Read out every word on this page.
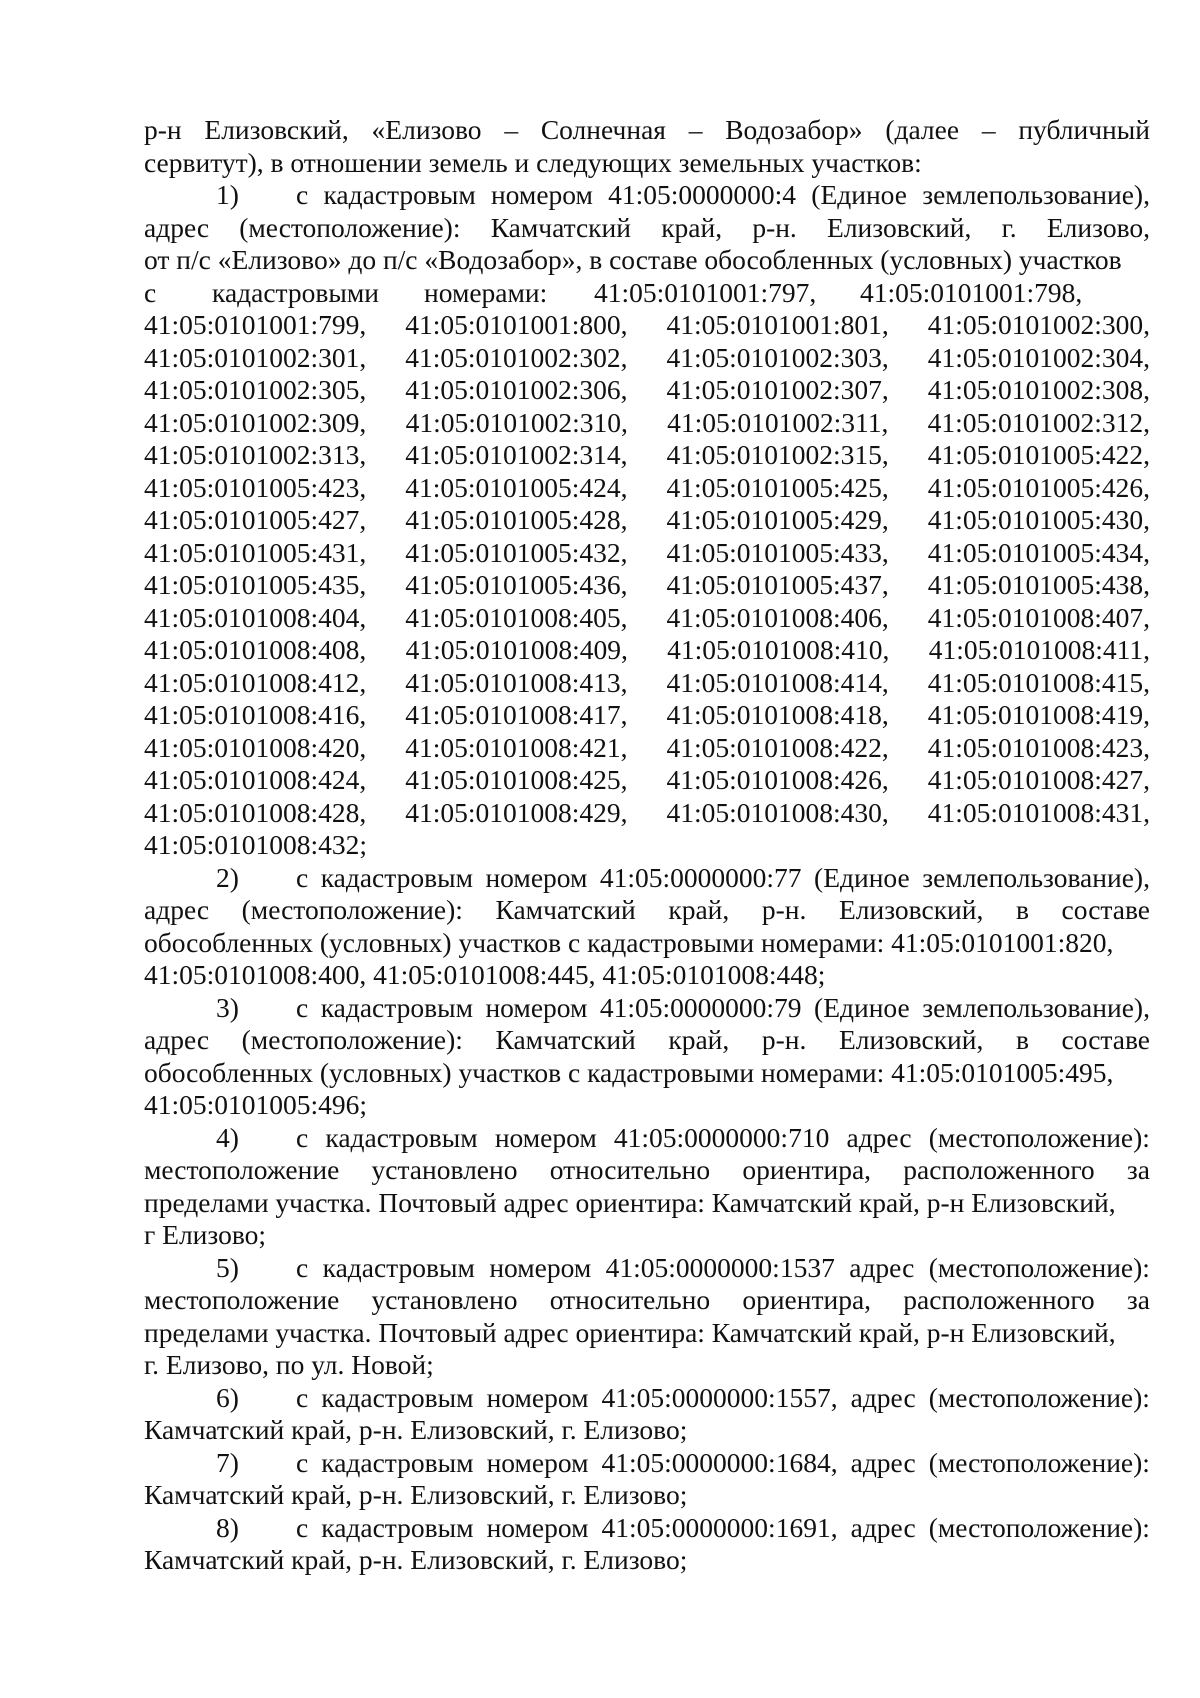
р-н Елизовский, «Елизово – Солнечная – Водозабор» (далее – публичный
сервитут), в отношении земель и следующих земельных участков:
1)	с кадастровым номером 41:05:0000000:4 (Единое землепользование),
адрес (местоположение): Камчатский край, р-н. Елизовский, г. Елизово,
от п/с «Елизово» до п/с «Водозабор», в составе обособленных (условных) участков
с кадастровыми номерами: 41:05:0101001:797, 41:05:0101001:798,
41:05:0101001:799, 41:05:0101001:800, 41:05:0101001:801, 41:05:0101002:300,
41:05:0101002:301, 41:05:0101002:302, 41:05:0101002:303, 41:05:0101002:304,
41:05:0101002:305, 41:05:0101002:306, 41:05:0101002:307, 41:05:0101002:308,
41:05:0101002:309, 41:05:0101002:310, 41:05:0101002:311, 41:05:0101002:312,
41:05:0101002:313, 41:05:0101002:314, 41:05:0101002:315, 41:05:0101005:422,
41:05:0101005:423, 41:05:0101005:424, 41:05:0101005:425, 41:05:0101005:426,
41:05:0101005:427, 41:05:0101005:428, 41:05:0101005:429, 41:05:0101005:430,
41:05:0101005:431, 41:05:0101005:432, 41:05:0101005:433, 41:05:0101005:434,
41:05:0101005:435, 41:05:0101005:436, 41:05:0101005:437, 41:05:0101005:438,
41:05:0101008:404, 41:05:0101008:405, 41:05:0101008:406, 41:05:0101008:407,
41:05:0101008:408, 41:05:0101008:409, 41:05:0101008:410, 41:05:0101008:411,
41:05:0101008:412, 41:05:0101008:413, 41:05:0101008:414, 41:05:0101008:415,
41:05:0101008:416, 41:05:0101008:417, 41:05:0101008:418, 41:05:0101008:419,
41:05:0101008:420, 41:05:0101008:421, 41:05:0101008:422, 41:05:0101008:423,
41:05:0101008:424, 41:05:0101008:425, 41:05:0101008:426, 41:05:0101008:427,
41:05:0101008:428, 41:05:0101008:429, 41:05:0101008:430, 41:05:0101008:431,
41:05:0101008:432;
2)	с кадастровым номером 41:05:0000000:77 (Единое землепользование),
адрес (местоположение): Камчатский край, р-н. Елизовский, в составе
обособленных (условных) участков с кадастровыми номерами: 41:05:0101001:820,
41:05:0101008:400, 41:05:0101008:445, 41:05:0101008:448;
3)	с кадастровым номером 41:05:0000000:79 (Единое землепользование),
адрес (местоположение): Камчатский край, р-н. Елизовский, в составе
обособленных (условных) участков с кадастровыми номерами: 41:05:0101005:495,
41:05:0101005:496;
4)	с кадастровым номером 41:05:0000000:710 адрес (местоположение):
местоположение установлено относительно ориентира, расположенного за
пределами участка. Почтовый адрес ориентира: Камчатский край, р-н Елизовский,
г Елизово;
5)	с кадастровым номером 41:05:0000000:1537 адрес (местоположение):
местоположение установлено относительно ориентира, расположенного за
пределами участка. Почтовый адрес ориентира: Камчатский край, р-н Елизовский,
г. Елизово, по ул. Новой;
6)	с кадастровым номером 41:05:0000000:1557, адрес (местоположение):
Камчатский край, р-н. Елизовский, г. Елизово;
7)	с кадастровым номером 41:05:0000000:1684, адрес (местоположение):
Камчатский край, р-н. Елизовский, г. Елизово;
8)	с кадастровым номером 41:05:0000000:1691, адрес (местоположение):
Камчатский край, р-н. Елизовский, г. Елизово;
